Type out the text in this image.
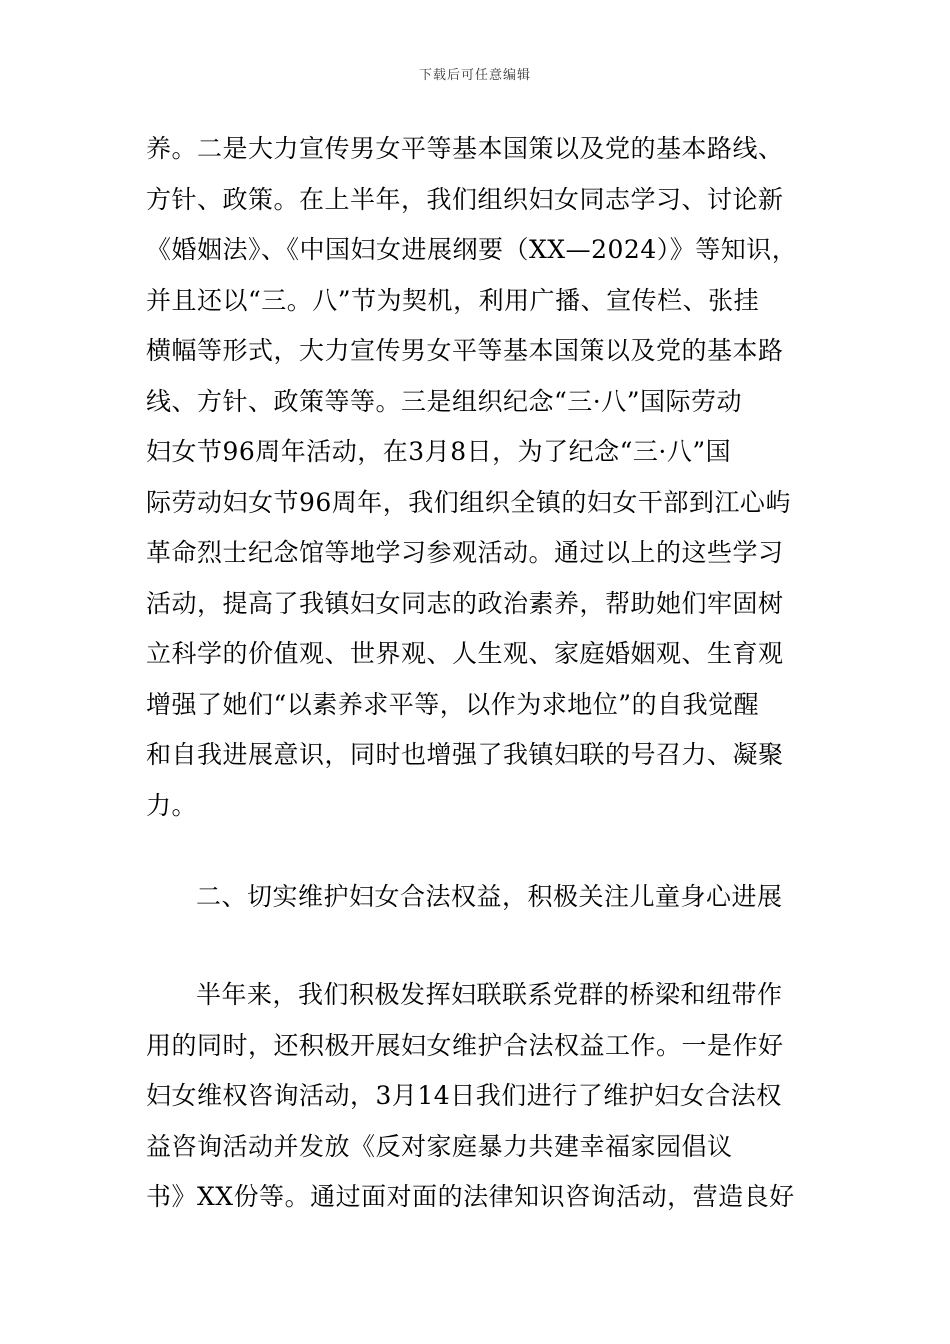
下载后可任意编辑
养。二是大力宣传男女平等基本国策以及党的基本路线、
方针、政策。在上半年，我们组织妇女同志学习、讨论新
《婚姻法》、《中国妇女进展纲要（XX—2024）》等知识，
并且还以“三。八”节为契机，利用广播、宣传栏、张挂
横幅等形式，大力宣传男女平等基本国策以及党的基本路
线、方针、政策等等。三是组织纪念“三·八”国际劳动
妇女节96周年活动，在3月8日，为了纪念“三·八”国
际劳动妇女节96周年，我们组织全镇的妇女干部到江心屿
革命烈士纪念馆等地学习参观活动。通过以上的这些学习
活动，提高了我镇妇女同志的政治素养，帮助她们牢固树
立科学的价值观、世界观、人生观、家庭婚姻观、生育观
增强了她们“以素养求平等，以作为求地位”的自我觉醒
和自我进展意识，同时也增强了我镇妇联的号召力、凝聚
力。
二、切实维护妇女合法权益，积极关注儿童身心进展
半年来，我们积极发挥妇联联系党群的桥梁和纽带作
用的同时，还积极开展妇女维护合法权益工作。一是作好
妇女维权咨询活动，3月14日我们进行了维护妇女合法权
益咨询活动并发放《反对家庭暴力共建幸福家园倡议
书》XX份等。通过面对面的法律知识咨询活动，营造良好
